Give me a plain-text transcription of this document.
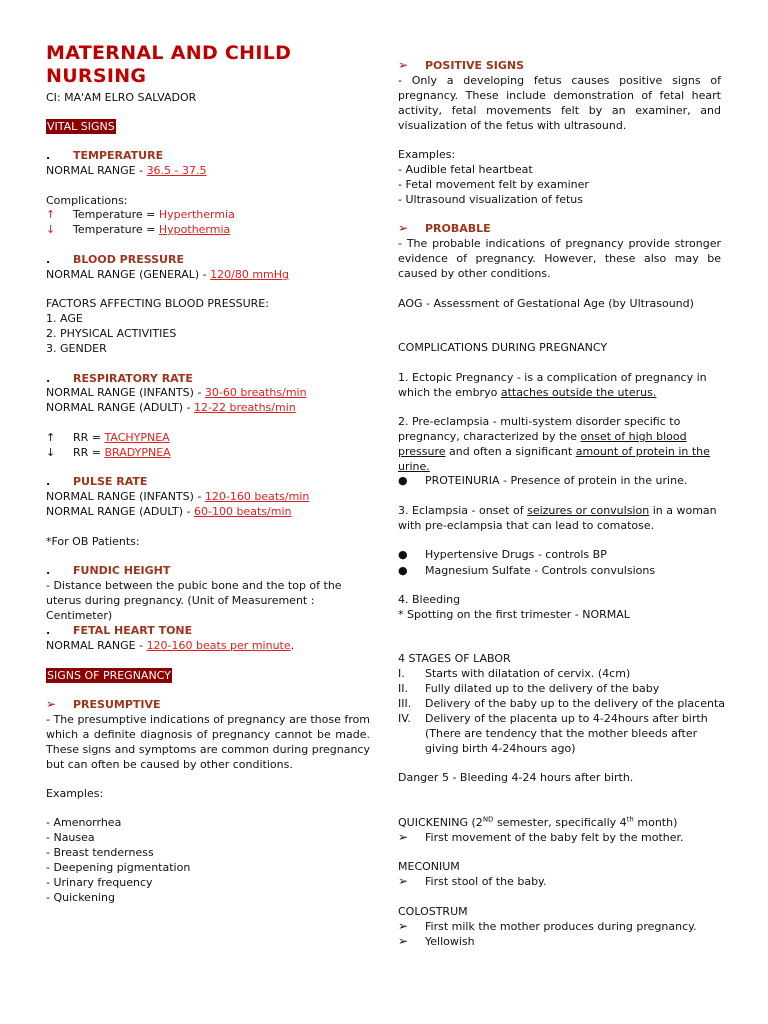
MATERNAL AND CHILD NURSING
CI: MA'AM ELRO SALVADOR
VITAL SIGNS
. TEMPERATURE
NORMAL RANGE - 36.5 - 37.5
Complications:
↑ Temperature = Hyperthermia
↓ Temperature = Hypothermia
. BLOOD PRESSURE
NORMAL RANGE (GENERAL) - 120/80 mmHg
FACTORS AFFECTING BLOOD PRESSURE:
1. AGE
2. PHYSICAL ACTIVITIES
3. GENDER
. RESPIRATORY RATE
NORMAL RANGE (INFANTS) - 30-60 breaths/min
NORMAL RANGE (ADULT) - 12-22 breaths/min
↑ RR = TACHYPNEA
↓ RR = BRADYPNEA
. PULSE RATE
NORMAL RANGE (INFANTS) - 120-160 beats/min
NORMAL RANGE (ADULT) - 60-100 beats/min
*For OB Patients:
. FUNDIC HEIGHT
- Distance between the pubic bone and the top of the uterus during pregnancy. (Unit of Measurement : Centimeter)
. FETAL HEART TONE
NORMAL RANGE - 120-160 beats per minute.
SIGNS OF PREGNANCY
➢ PRESUMPTIVE
- The presumptive indications of pregnancy are those from which a definite diagnosis of pregnancy cannot be made. These signs and symptoms are common during pregnancy but can often be caused by other conditions.
Examples:
- Amenorrhea
- Nausea
- Breast tenderness
- Deepening pigmentation
- Urinary frequency
- Quickening
➢ POSITIVE SIGNS
- Only a developing fetus causes positive signs of pregnancy. These include demonstration of fetal heart activity, fetal movements felt by an examiner, and visualization of the fetus with ultrasound.
Examples:
- Audible fetal heartbeat
- Fetal movement felt by examiner
- Ultrasound visualization of fetus
➢ PROBABLE
- The probable indications of pregnancy provide stronger evidence of pregnancy. However, these also may be caused by other conditions.
AOG - Assessment of Gestational Age (by Ultrasound)
COMPLICATIONS DURING PREGNANCY
1. Ectopic Pregnancy - is a complication of pregnancy in which the embryo attaches outside the uterus.
2. Pre-eclampsia - multi-system disorder specific to pregnancy, characterized by the onset of high blood pressure and often a significant amount of protein in the urine.
● PROTEINURIA - Presence of protein in the urine.
3. Eclampsia - onset of seizures or convulsion in a woman with pre-eclampsia that can lead to comatose.
● Hypertensive Drugs - controls BP
● Magnesium Sulfate - Controls convulsions
4. Bleeding
* Spotting on the first trimester - NORMAL
4 STAGES OF LABOR
I. Starts with dilatation of cervix. (4cm)
II. Fully dilated up to the delivery of the baby
III. Delivery of the baby up to the delivery of the placenta
IV.	Delivery of the placenta up to 4-24hours after birth (There are tendency that the mother bleeds after giving birth 4-24hours ago)
Danger 5 - Bleeding 4-24 hours after birth.
QUICKENING (2ND semester, specifically 4th month)
➢ First movement of the baby felt by the mother.
MECONIUM
➢ First stool of the baby.
COLOSTRUM
➢ First milk the mother produces during pregnancy.
➢ Yellowish
